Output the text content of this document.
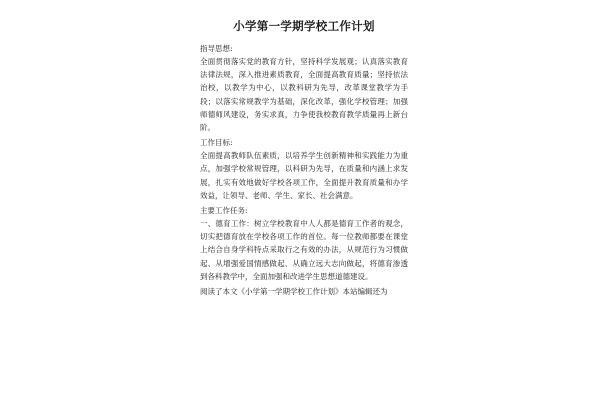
小学第一学期学校工作计划
指导思想:
全面贯彻落实党的教育方针，坚持科学发展观；认真落实教育法律法规，深入推进素质教育，全面提高教育质量；坚持依法治校，以教学为中心，以教科研为先导，改革课堂教学为手段；以落实常规教学为基础，深化改革，强化学校管理；加强师德师风建设，务实求真，力争使我校教育教学质量再上新台阶。
工作目标:
全面提高教师队伍素质，以培养学生创新精神和实践能力为重点，加强学校常规管理，以科研为先导，在质量和内涵上求发展，扎实有效地做好学校各项工作，全面提升教育质量和办学效益，让领导、老师、学生、家长、社会满意。
主要工作任务:
一、德育工作：树立学校教育中人人都是德育工作者的观念，切实把德育放在学校各项工作的首位。每一位教师都要在课堂上结合自身学科特点采取行之有效的办法，从规范行为习惯做起、从增强爱国情感做起、从确立远大志向做起，将德育渗透到各科教学中，全面加强和改进学生思想道德建设。
阅读了本文《小学第一学期学校工作计划》本站编辑还为
